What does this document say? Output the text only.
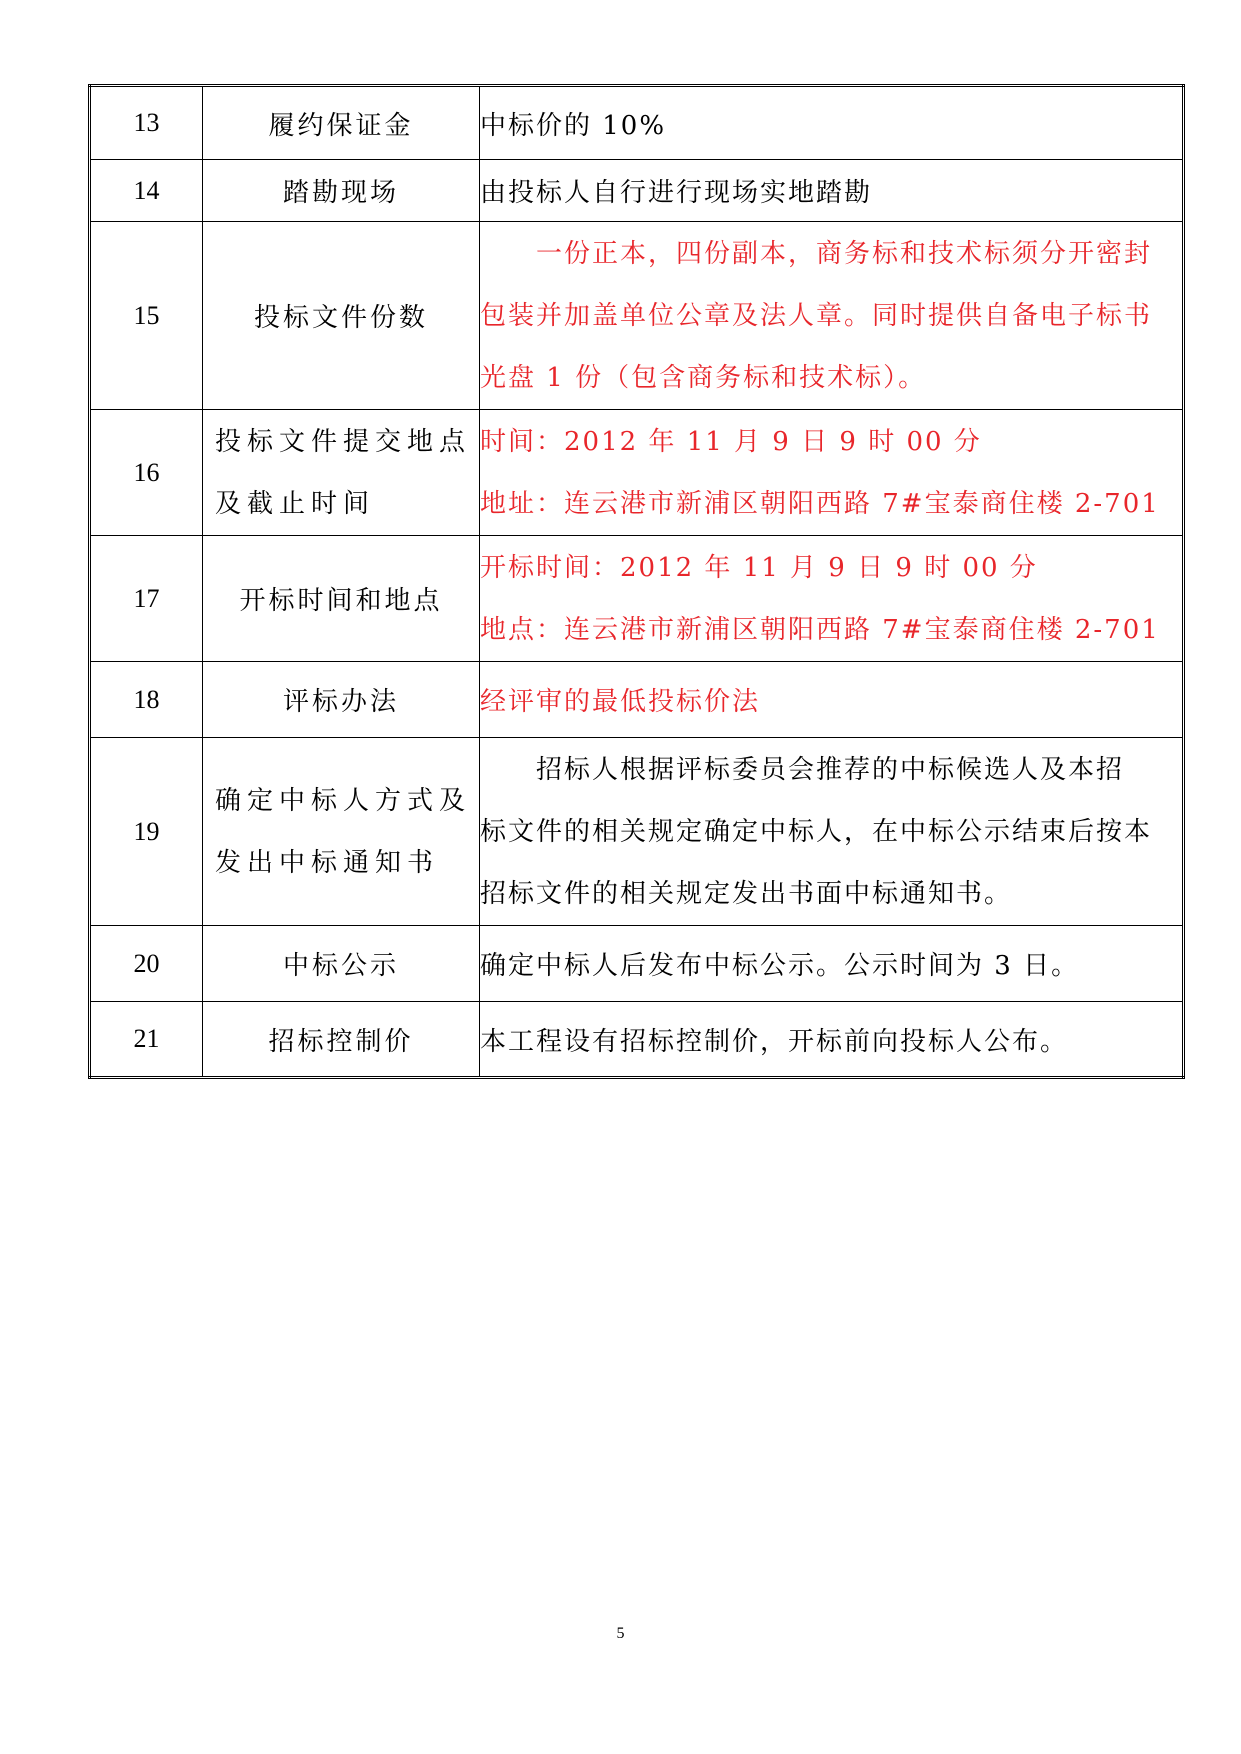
13	履约保证金	中标价的 10%

14	踏勘现场	由投标人自行进行现场实地踏勘

15	投标文件份数	一份正本，四份副本，商务标和技术标须分开密封
包装并加盖单位公章及法人章。同时提供自备电子标书
光盘 1 份（包含商务标和技术标）。

16	投标文件提交地点
及截止时间	时间：2012 年 11 月 9 日 9 时 00 分
地址：连云港市新浦区朝阳西路 7#宝泰商住楼 2-701

17	开标时间和地点	开标时间：2012 年 11 月 9 日 9 时 00 分
地点：连云港市新浦区朝阳西路 7#宝泰商住楼 2-701

18	评标办法	经评审的最低投标价法

19	确定中标人方式及
发出中标通知书	招标人根据评标委员会推荐的中标候选人及本招
标文件的相关规定确定中标人，在中标公示结束后按本
招标文件的相关规定发出书面中标通知书。

20	中标公示	确定中标人后发布中标公示。公示时间为 3 日。

21	招标控制价	本工程设有招标控制价，开标前向投标人公布。
5
